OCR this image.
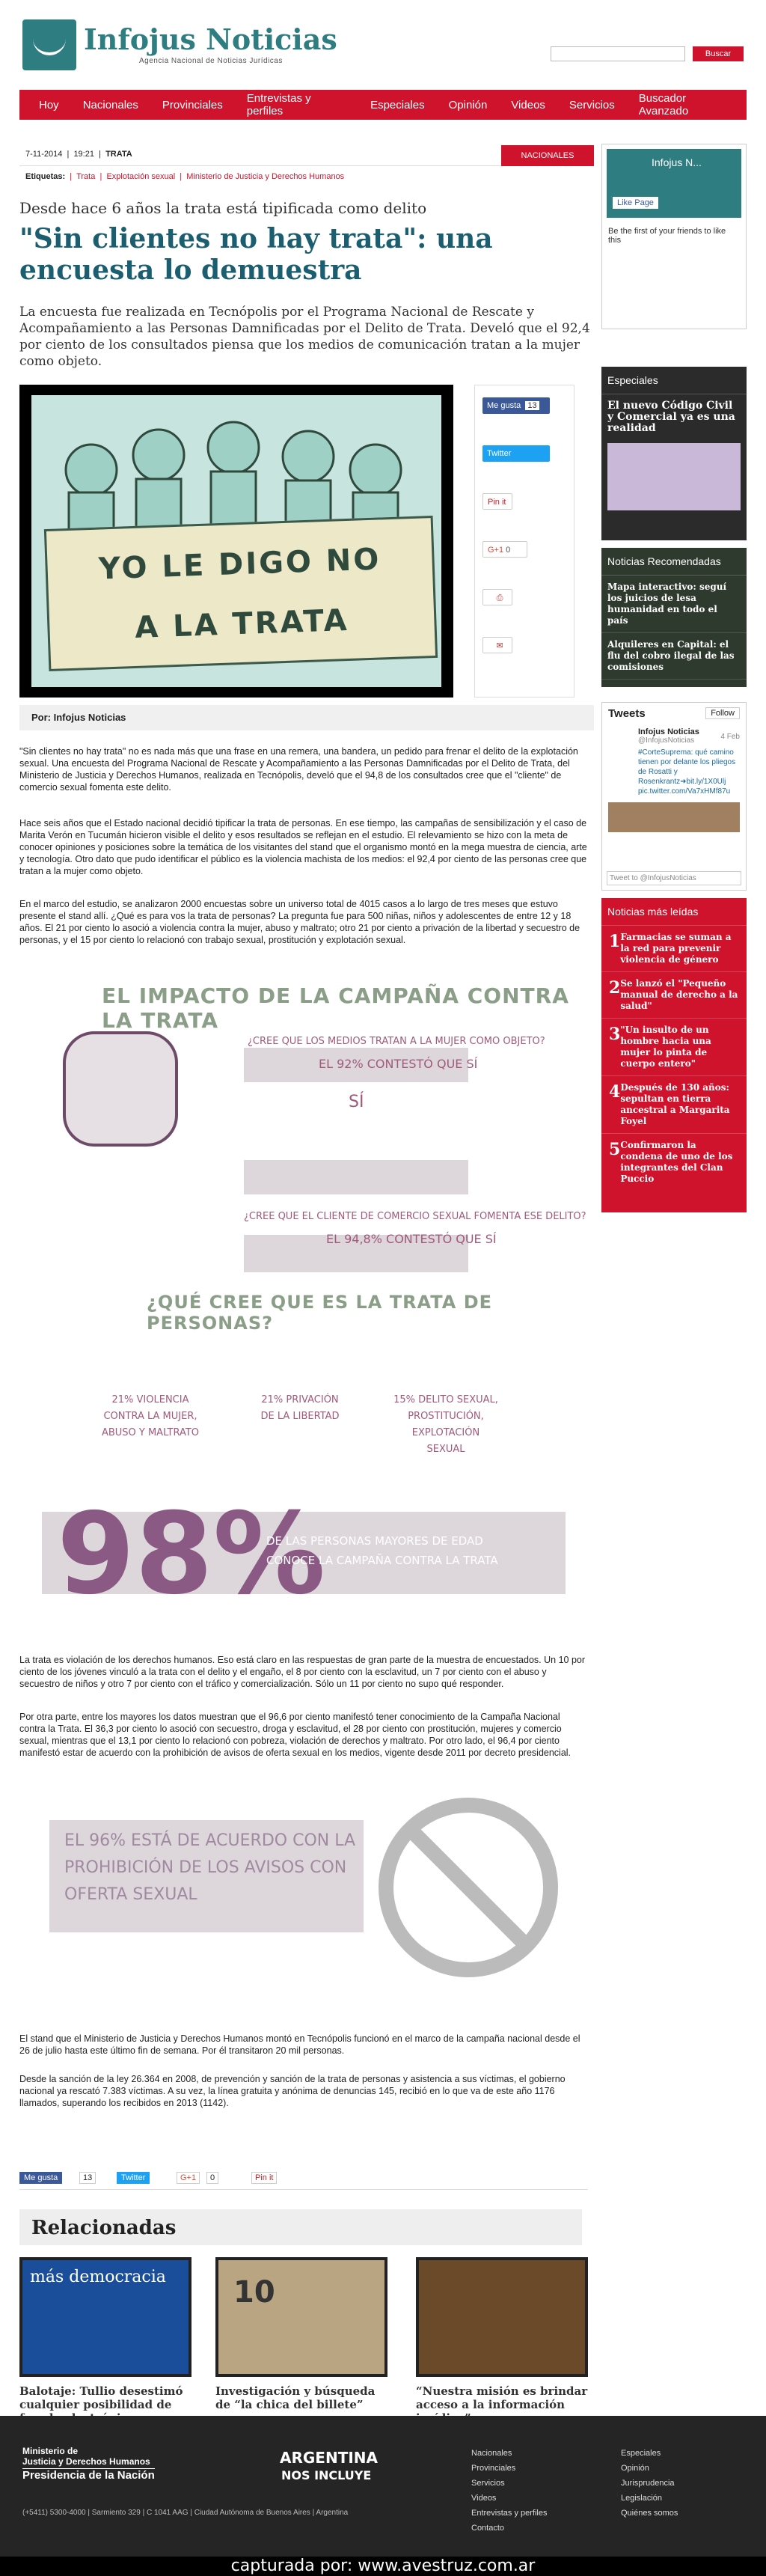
Infojus Noticias
Agencia Nacional de Noticias Jurídicas
Buscar
Hoy Nacionales Provinciales Entrevistas y perfiles	Especiales Opinión Videos Servicios Buscador Avanzado
7-11-2014  |  19:21  |  TRATA	NACIONALES
Etiquetas:  |  Trata  |  Explotación sexual  |  Ministerio de Justicia y Derechos Humanos
Desde hace 6 años la trata está tipificada como delito
"Sin clientes no hay trata": una encuesta lo demuestra
La encuesta fue realizada en Tecnópolis por el Programa Nacional de Rescate y Acompañamiento a las Personas Damnificadas por el Delito de Trata. Develó que el 92,4 por ciento de los consultados piensa que los medios de comunicación tratan a la mujer como objeto.
YO LE DIGO NO
A LA TRATA
Me gusta 13
Twitter
Pin it
G+1 0
⎙
✉
Por: Infojus Noticias

"Sin clientes no hay trata" no es nada más que una frase en una remera, una bandera, un pedido para frenar el delito de la explotación sexual. Una encuesta del Programa Nacional de Rescate y Acompañamiento a las Personas Damnificadas por el Delito de Trata, del Ministerio de Justicia y Derechos Humanos, realizada en Tecnópolis, develó que el 94,8 de los consultados cree que el "cliente" de comercio sexual fomenta este delito.

Hace seis años que el Estado nacional decidió tipificar la trata de personas. En ese tiempo, las campañas de sensibilización y el caso de Marita Verón en Tucumán hicieron visible el delito y esos resultados se reflejan en el estudio. El relevamiento se hizo con la meta de conocer opiniones y posiciones sobre la temática de los visitantes del stand que el organismo montó en la mega muestra de ciencia, arte y tecnología. Otro dato que pudo identificar el público es la violencia machista de los medios: el 92,4 por ciento de las personas cree que tratan a la mujer como objeto.

En el marco del estudio, se analizaron 2000 encuestas sobre un universo total de 4015 casos a lo largo de tres meses que estuvo presente el stand allí. ¿Qué es para vos la trata de personas? La pregunta fue para 500 niñas, niños y adolescentes de entre 12 y 18 años. El 21 por ciento lo asoció a violencia contra la mujer, abuso y maltrato; otro 21 por ciento a privación de la libertad y secuestro de personas, y el 15 por ciento lo relacionó con trabajo sexual, prostitución y explotación sexual.

EL IMPACTO DE LA CAMPAÑA CONTRA LA TRATA
¿CREE QUE LOS MEDIOS TRATAN A LA MUJER COMO OBJETO?
EL 92% CONTESTÓ QUE SÍ
SÍ
¿CREE QUE EL CLIENTE DE COMERCIO SEXUAL FOMENTA ESE DELITO?
EL 94,8% CONTESTÓ QUE SÍ
¿QUÉ CREE QUE ES LA TRATA DE PERSONAS?
21% VIOLENCIA CONTRA LA MUJER, ABUSO Y MALTRATO
21% PRIVACIÓN DE LA LIBERTAD
15% DELITO SEXUAL, PROSTITUCIÓN, EXPLOTACIÓN SEXUAL
98%
DE LAS PERSONAS MAYORES DE EDAD
CONOCE LA CAMPAÑA CONTRA LA TRATA

La trata es violación de los derechos humanos. Eso está claro en las respuestas de gran parte de la muestra de encuestados. Un 10 por ciento de los jóvenes vinculó a la trata con el delito y el engaño, el 8 por ciento con la esclavitud, un 7 por ciento con el abuso y secuestro de niños y otro 7 por ciento con el tráfico y comercialización. Sólo un 11 por ciento no supo qué responder.

Por otra parte, entre los mayores los datos muestran que el 96,6 por ciento manifestó tener conocimiento de la Campaña Nacional contra la Trata. El 36,3 por ciento lo asoció con secuestro, droga y esclavitud, el 28 por ciento con prostitución, mujeres y comercio sexual, mientras que el 13,1 por ciento lo relacionó con pobreza, violación de derechos y maltrato. Por otro lado, el 96,4 por ciento manifestó estar de acuerdo con la prohibición de avisos de oferta sexual en los medios, vigente desde 2011 por decreto presidencial.

EL 96% ESTÁ DE ACUERDO CON LA PROHIBICIÓN DE LOS AVISOS CON OFERTA SEXUAL

El stand que el Ministerio de Justicia y Derechos Humanos montó en Tecnópolis funcionó en el marco de la campaña nacional desde el 26 de julio hasta este último fin de semana. Por él transitaron 20 mil personas.

Desde la sanción de la ley 26.364 en 2008, de prevención y sanción de la trata de personas y asistencia a sus víctimas, el gobierno nacional ya rescató 7.383 víctimas. A su vez, la línea gratuita y anónima de denuncias 145, recibió en lo que va de este año 1176 llamados, superando los recibidos en 2013 (1142).

Me gusta	13	Twitter	G+1	0	Pin it
Relacionadas
más democracia
Balotaje: Tullio desestimó cualquier posibilidad de
10
Investigación y búsqueda de “la chica del billete”
“Nuestra misión es brindar acceso a la información
Infojus N...
Like Page
Be the first of your friends to like this
Especiales
El nuevo Código Civil y Comercial ya es una realidad
Noticias Recomendadas
Mapa interactivo: seguí los juicios de lesa humanidad en todo el país
Alquileres en Capital: el flu del cobro ilegal de las comisiones
Tweets	Follow
Infojus Noticias
4 Feb
@InfojusNoticias
#CorteSuprema: qué camino tienen por delante los pliegos de Rosatti y Rosenkrantz➜bit.ly/1X0Ulj pic.twitter.com/Va7xHMf87u
Tweet to @InfojusNoticias
Noticias más leídas
1 Farmacias se suman a la red para prevenir violencia de género
2 Se lanzó el "Pequeño manual de derecho a la salud"
3 "Un insulto de un hombre hacia una mujer lo pinta de cuerpo entero"
4 Después de 130 años: sepultan en tierra ancestral a Margarita Foyel
5 Confirmaron la condena de uno de los integrantes del Clan Puccio
Ministerio de
Justicia y Derechos Humanos
Presidencia de la Nación
ARGENTINA
NOS INCLUYE
(+5411) 5300-4000 | Sarmiento 329 | C 1041 AAG | Ciudad Autónoma de Buenos Aires | Argentina
Nacionales
Provinciales
Servicios
Videos
Entrevistas y perfiles
Contacto
Especiales
Opinión
Jurisprudencia
Legislación
Quiénes somos
capturada por: www.avestruz.com.ar
